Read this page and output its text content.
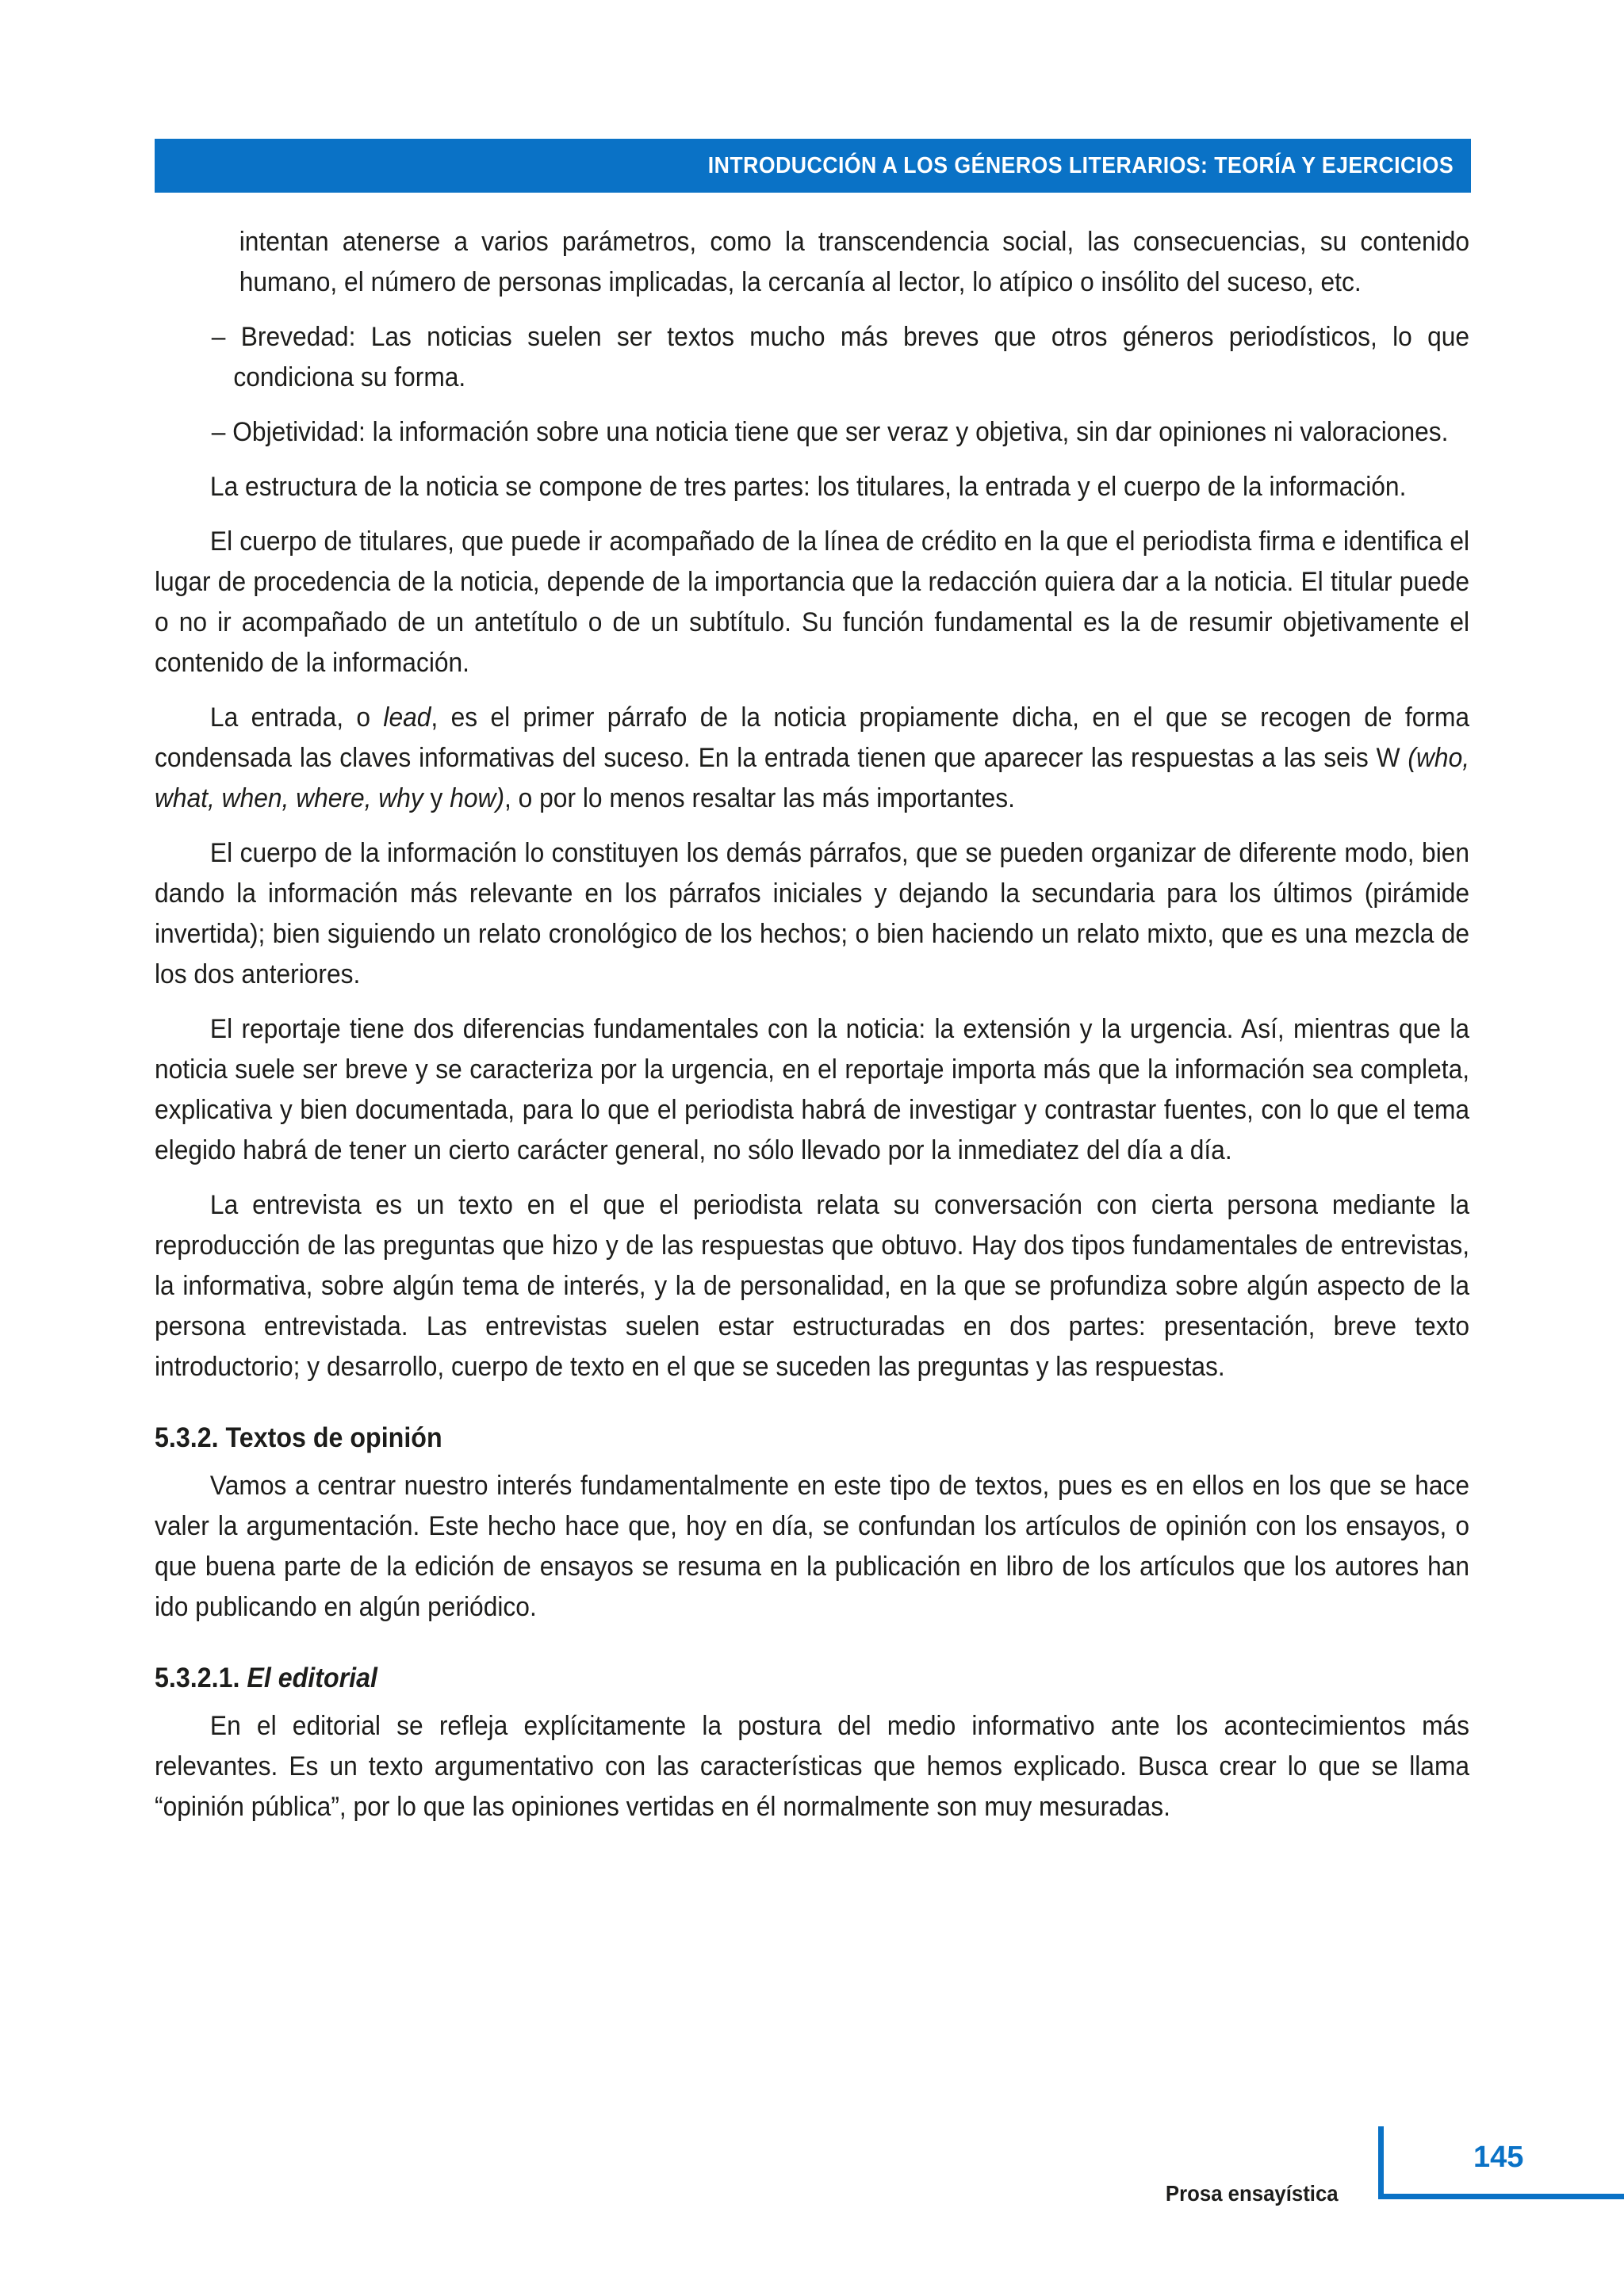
INTRODUCCIÓN A LOS GÉNEROS LITERARIOS: TEORÍA Y EJERCICIOS

intentan atenerse a varios parámetros, como la transcendencia social, las consecuencias, su contenido humano, el número de personas implicadas, la cercanía al lector, lo atípico o insólito del suceso, etc.

– Brevedad: Las noticias suelen ser textos mucho más breves que otros géneros periodísticos, lo que condiciona su forma.

– Objetividad: la información sobre una noticia tiene que ser veraz y objetiva, sin dar opiniones ni valoraciones.

La estructura de la noticia se compone de tres partes: los titulares, la entrada y el cuerpo de la información.

El cuerpo de titulares, que puede ir acompañado de la línea de crédito en la que el periodista firma e identifica el lugar de procedencia de la noticia, depende de la importancia que la redacción quiera dar a la noticia. El titular puede o no ir acompañado de un antetítulo o de un subtítulo. Su función fundamental es la de resumir objetivamente el contenido de la información.

La entrada, o lead, es el primer párrafo de la noticia propiamente dicha, en el que se recogen de forma condensada las claves informativas del suceso. En la entrada tienen que aparecer las respuestas a las seis W (who, what, when, where, why y how), o por lo menos resaltar las más importantes.

El cuerpo de la información lo constituyen los demás párrafos, que se pueden organizar de diferente modo, bien dando la información más relevante en los párrafos iniciales y dejando la secundaria para los últimos (pirámide invertida); bien siguiendo un relato cronológico de los hechos; o bien haciendo un relato mixto, que es una mezcla de los dos anteriores.

El reportaje tiene dos diferencias fundamentales con la noticia: la extensión y la urgencia. Así, mientras que la noticia suele ser breve y se caracteriza por la urgencia, en el reportaje importa más que la información sea completa, explicativa y bien documentada, para lo que el periodista habrá de investigar y contrastar fuentes, con lo que el tema elegido habrá de tener un cierto carácter general, no sólo llevado por la inmediatez del día a día.

La entrevista es un texto en el que el periodista relata su conversación con cierta persona mediante la reproducción de las preguntas que hizo y de las respuestas que obtuvo. Hay dos tipos fundamentales de entrevistas, la informativa, sobre algún tema de interés, y la de personalidad, en la que se profundiza sobre algún aspecto de la persona entrevistada. Las entrevistas suelen estar estructuradas en dos partes: presentación, breve texto introductorio; y desarrollo, cuerpo de texto en el que se suceden las preguntas y las respuestas.

5.3.2. Textos de opinión

Vamos a centrar nuestro interés fundamentalmente en este tipo de textos, pues es en ellos en los que se hace valer la argumentación. Este hecho hace que, hoy en día, se confundan los artículos de opinión con los ensayos, o que buena parte de la edición de ensayos se resuma en la publicación en libro de los artículos que los autores han ido publicando en algún periódico.

5.3.2.1. El editorial

En el editorial se refleja explícitamente la postura del medio informativo ante los acontecimientos más relevantes. Es un texto argumentativo con las características que hemos explicado. Busca crear lo que se llama “opinión pública”, por lo que las opiniones vertidas en él normalmente son muy mesuradas.

145
Prosa ensayística
